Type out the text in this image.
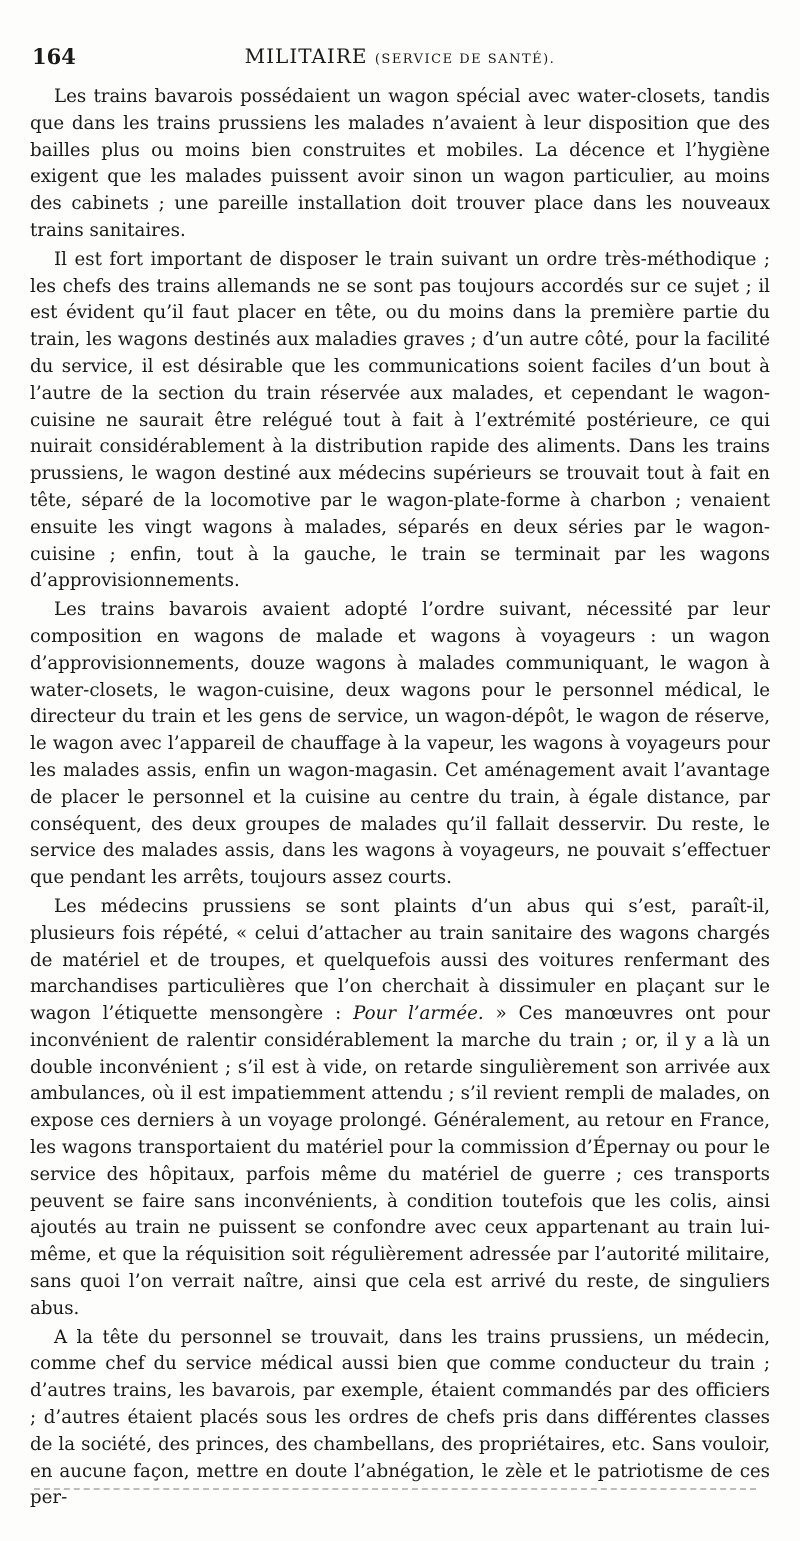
164	MILITAIRE (SERVICE DE SANTÉ).

Les trains bavarois possédaient un wagon spécial avec water-closets, tandis que dans les trains prussiens les malades n’avaient à leur disposition que des bailles plus ou moins bien construites et mobiles. La décence et l’hygiène exigent que les malades puissent avoir sinon un wagon particulier, au moins des cabinets ; une pareille installation doit trouver place dans les nouveaux trains sanitaires.

Il est fort important de disposer le train suivant un ordre très-méthodique ; les chefs des trains allemands ne se sont pas toujours accordés sur ce sujet ; il est évident qu’il faut placer en tête, ou du moins dans la première partie du train, les wagons destinés aux maladies graves ; d’un autre côté, pour la facilité du service, il est désirable que les communications soient faciles d’un bout à l’autre de la section du train réservée aux malades, et cependant le wagon-cuisine ne saurait être relégué tout à fait à l’extrémité postérieure, ce qui nuirait considérablement à la distribution rapide des aliments. Dans les trains prussiens, le wagon destiné aux médecins supérieurs se trouvait tout à fait en tête, séparé de la locomotive par le wagon-plate-forme à charbon ; venaient ensuite les vingt wagons à malades, séparés en deux séries par le wagon-cuisine ; enfin, tout à la gauche, le train se terminait par les wagons d’approvisionnements.

Les trains bavarois avaient adopté l’ordre suivant, nécessité par leur composition en wagons de malade et wagons à voyageurs : un wagon d’approvisionnements, douze wagons à malades communiquant, le wagon à water-closets, le wagon-cuisine, deux wagons pour le personnel médical, le directeur du train et les gens de service, un wagon-dépôt, le wagon de réserve, le wagon avec l’appareil de chauffage à la vapeur, les wagons à voyageurs pour les malades assis, enfin un wagon-magasin. Cet aménagement avait l’avantage de placer le personnel et la cuisine au centre du train, à égale distance, par conséquent, des deux groupes de malades qu’il fallait desservir. Du reste, le service des malades assis, dans les wagons à voyageurs, ne pouvait s’effectuer que pendant les arrêts, toujours assez courts.

Les médecins prussiens se sont plaints d’un abus qui s’est, paraît-il, plusieurs fois répété, « celui d’attacher au train sanitaire des wagons chargés de matériel et de troupes, et quelquefois aussi des voitures renfermant des marchandises particulières que l’on cherchait à dissimuler en plaçant sur le wagon l’étiquette mensongère : Pour l’armée. » Ces manœuvres ont pour inconvénient de ralentir considérablement la marche du train ; or, il y a là un double inconvénient ; s’il est à vide, on retarde singulièrement son arrivée aux ambulances, où il est impatiemment attendu ; s’il revient rempli de malades, on expose ces derniers à un voyage prolongé. Généralement, au retour en France, les wagons transportaient du matériel pour la commission d’Épernay ou pour le service des hôpitaux, parfois même du matériel de guerre ; ces transports peuvent se faire sans inconvénients, à condition toutefois que les colis, ainsi ajoutés au train ne puissent se confondre avec ceux appartenant au train lui-même, et que la réquisition soit régulièrement adressée par l’autorité militaire, sans quoi l’on verrait naître, ainsi que cela est arrivé du reste, de singuliers abus.

A la tête du personnel se trouvait, dans les trains prussiens, un médecin, comme chef du service médical aussi bien que comme conducteur du train ; d’autres trains, les bavarois, par exemple, étaient commandés par des officiers ; d’autres étaient placés sous les ordres de chefs pris dans différentes classes de la société, des princes, des chambellans, des propriétaires, etc. Sans vouloir, en aucune façon, mettre en doute l’abnégation, le zèle et le patriotisme de ces per-
